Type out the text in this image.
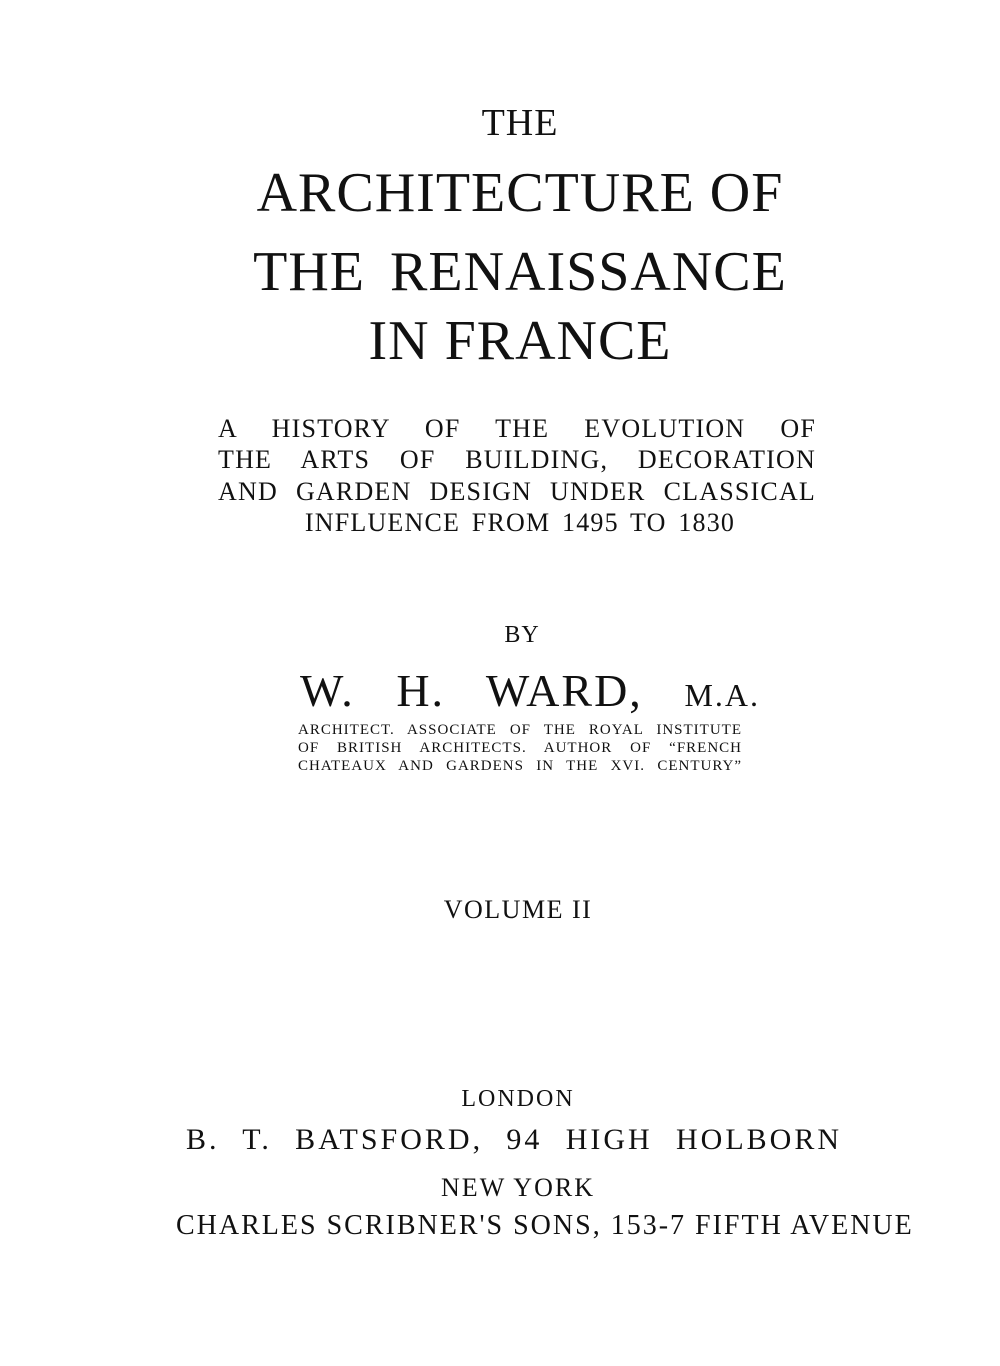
THE
ARCHITECTURE OF
THE RENAISSANCE
IN FRANCE
A HISTORY OF THE EVOLUTION OF
THE ARTS OF BUILDING, DECORATION
AND GARDEN DESIGN UNDER CLASSICAL
INFLUENCE FROM 1495 TO 1830
BY
W. H. WARD, M.A.
ARCHITECT. ASSOCIATE OF THE ROYAL INSTITUTE
OF BRITISH ARCHITECTS. AUTHOR OF “FRENCH
CHATEAUX AND GARDENS IN THE XVI. CENTURY”
VOLUME II
LONDON
B. T. BATSFORD, 94 HIGH HOLBORN
NEW YORK
CHARLES SCRIBNER'S SONS, 153-7 FIFTH AVENUE
